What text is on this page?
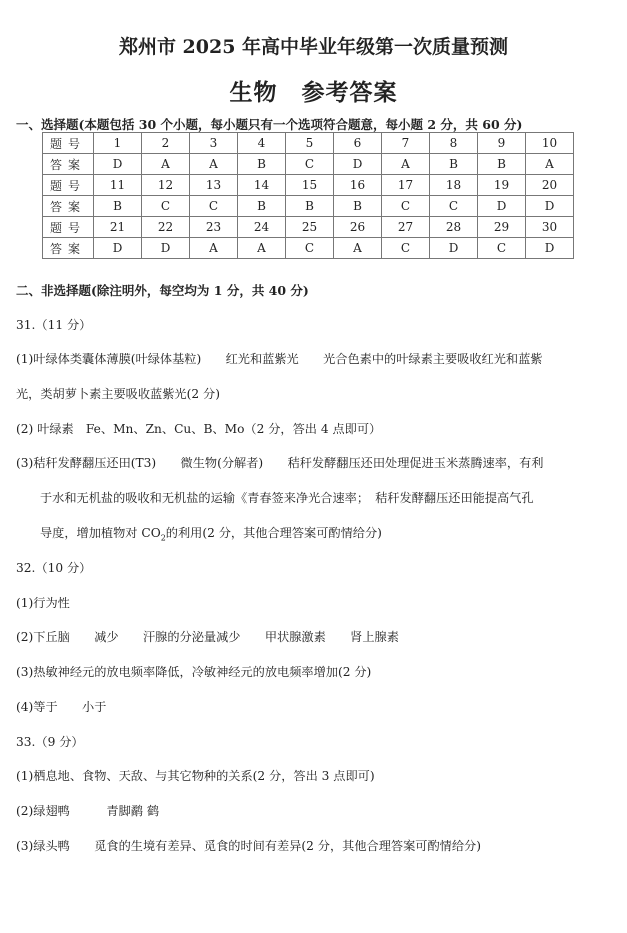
郑州市 2025 年高中毕业年级第一次质量预测
生物　参考答案
一、选择题(本题包括 30 个小题，每小题只有一个选项符合题意，每小题 2 分，共 60 分)
题号	1	2	3	4	5	6	7	8	9	10
答案	D	A	A	B	C	D	A	B	B	A
题号	11	12	13	14	15	16	17	18	19	20
答案	B	C	C	B	B	B	C	C	D	D
题号	21	22	23	24	25	26	27	28	29	30
答案	D	D	A	A	C	A	C	D	C	D
二、非选择题(除注明外，每空均为 1 分，共 40 分)
31.（11 分）
(1)叶绿体类囊体薄膜(叶绿体基粒)　　红光和蓝紫光　　光合色素中的叶绿素主要吸收红光和蓝紫
光，类胡萝卜素主要吸收蓝紫光(2 分)
(2) 叶绿素　Fe、Mn、Zn、Cu、B、Mo（2 分，答出 4 点即可）
(3)秸秆发酵翻压还田(T3)　　微生物(分解者)　　秸秆发酵翻压还田处理促进玉米蒸腾速率，有利
于水和无机盐的吸收和无机盐的运输《青春签来净光合速率；　秸秆发酵翻压还田能提高气孔
导度，增加植物对 $CO_2$的利用(2 分，其他合理答案可酌情给分)
32.（10 分）
(1)行为性
(2)下丘脑　　减少　　汗腺的分泌量减少　　甲状腺激素　　肾上腺素
(3)热敏神经元的放电频率降低，冷敏神经元的放电频率增加(2 分)
(4)等于　　小于
33.（9 分）
(1)栖息地、食物、天敌、与其它物种的关系(2 分，答出 3 点即可)
(2)绿翅鸭　　　青脚鹬 鹤
(3)绿头鸭　　觅食的生境有差异、觅食的时间有差异(2 分，其他合理答案可酌情给分)
